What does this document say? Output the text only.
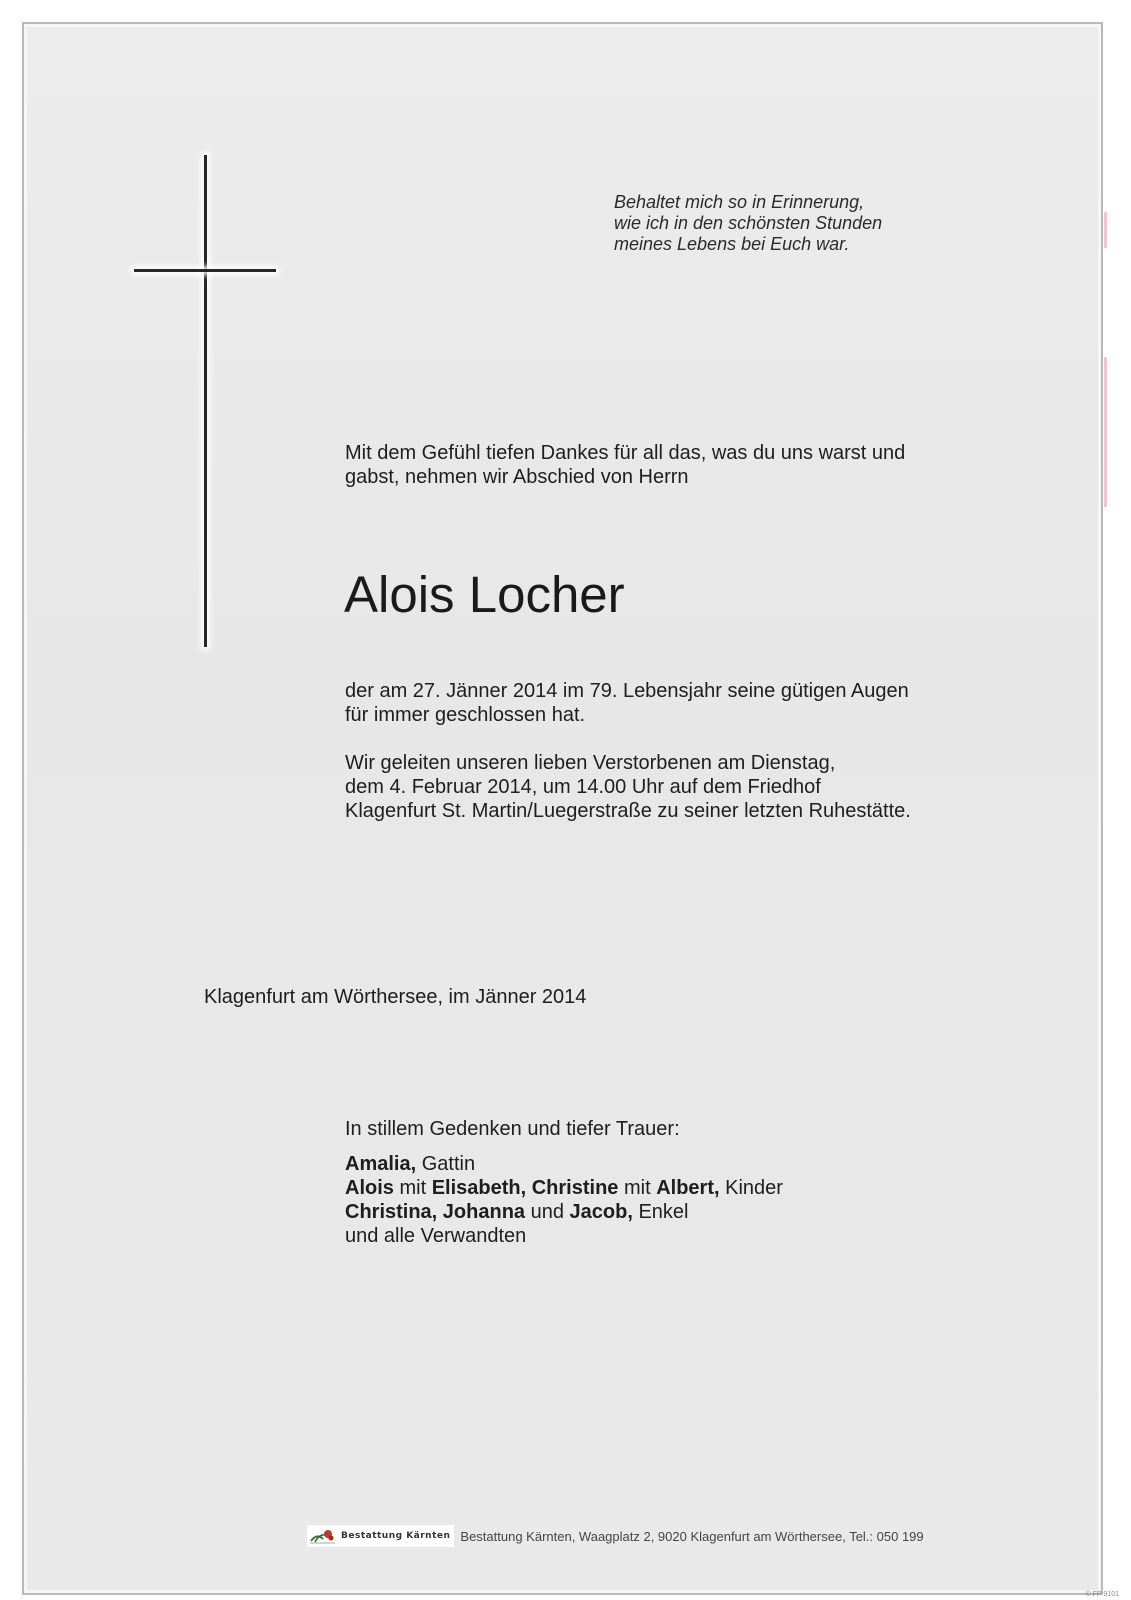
Behaltet mich so in Erinnerung,
wie ich in den schönsten Stunden
meines Lebens bei Euch war.
Mit dem Gefühl tiefen Dankes für all das, was du uns warst und
gabst, nehmen wir Abschied von Herrn
Alois Locher
der am 27. Jänner 2014 im 79. Lebensjahr seine gütigen Augen
für immer geschlossen hat.
Wir geleiten unseren lieben Verstorbenen am Dienstag,
dem 4. Februar 2014, um 14.00 Uhr auf dem Friedhof
Klagenfurt St. Martin/Luegerstraße zu seiner letzten Ruhestätte.
Klagenfurt am Wörthersee, im Jänner 2014
In stillem Gedenken und tiefer Trauer:
Amalia, Gattin
Alois mit Elisabeth, Christine mit Albert, Kinder
Christina, Johanna und Jacob, Enkel
und alle Verwandten
Bestattung Kärnten Bestattung Kärnten, Waagplatz 2, 9020 Klagenfurt am Wörthersee, Tel.: 050 199
© FP 9101
